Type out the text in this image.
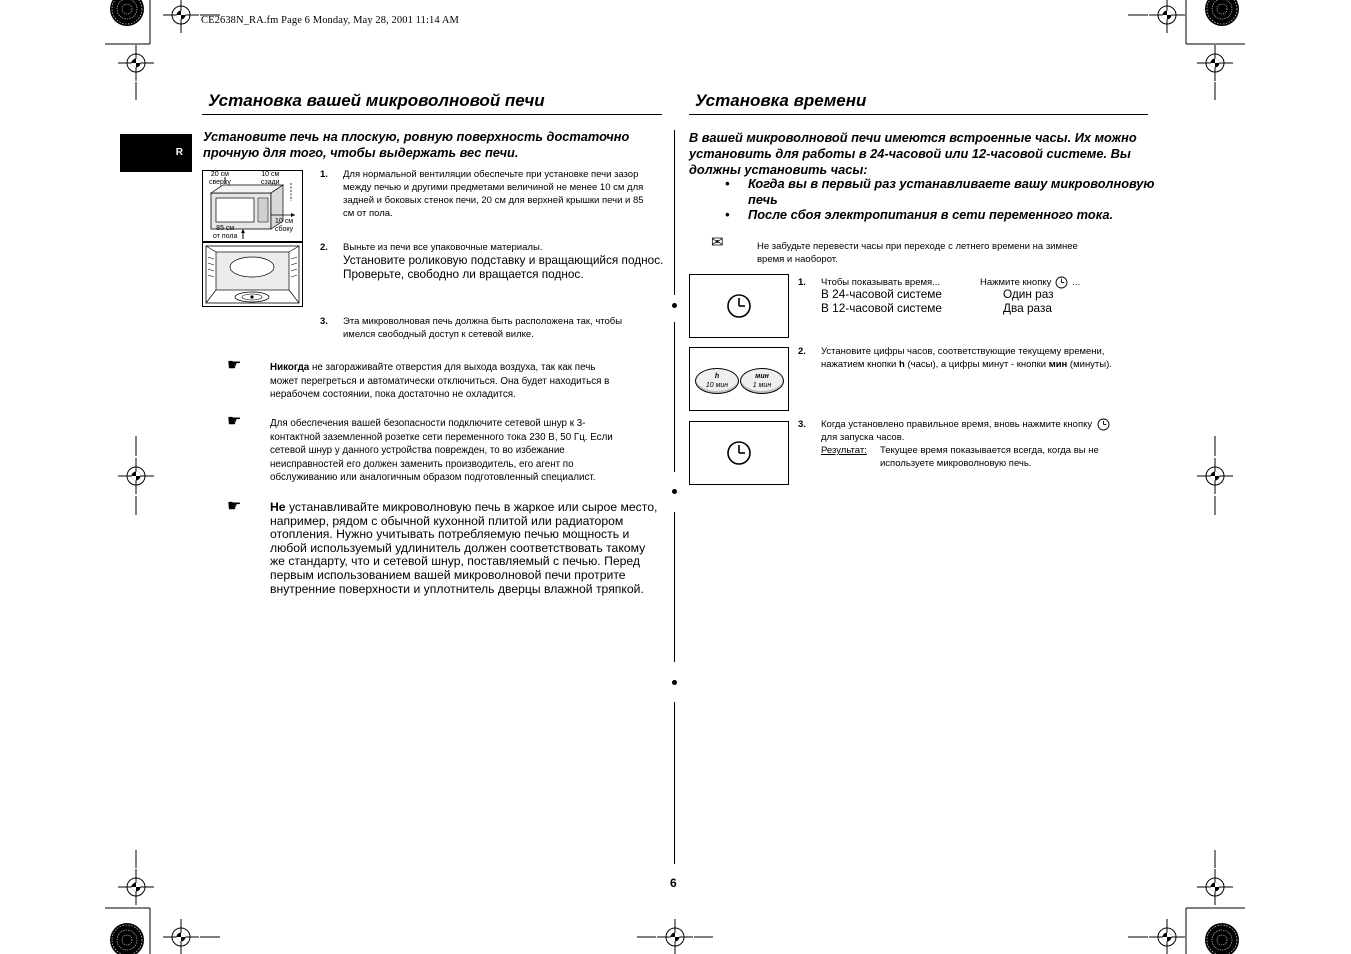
CE2638N_RA.fm Page 6 Monday, May 28, 2001 11:14 AM
R
Установка вашей микроволновой печи
Установите печь на плоскую, ровную поверхность достаточно
прочную для того, чтобы выдержать вес печи.
20 см
сверху
10 см
сзади
85 см
от пола
10 см
сбоку
1. Для нормальной вентиляции обеспечьте при установке печи зазор
между печью и другими предметами величиной не менее 10 см для
задней и боковых стенок печи, 20 см для верхней крышки печи и 85
см от пола.
2. Выньте из печи все упаковочные материалы.
Установите роликовую подставку и вращающийся поднос.
Проверьте, свободно ли вращается поднос.
3. Эта микроволновая печь должна быть расположена так, чтобы
имелся свободный доступ к сетевой вилке.
☛	Никогда не загораживайте отверстия для выхода воздуха, так как печь
может перегреться и автоматически отключиться. Она будет находиться в
нерабочем состоянии, пока достаточно не охладится.
☛	Для обеспечения вашей безопасности подключите сетевой шнур к 3-
контактной заземленной розетке сети переменного тока 230 В, 50 Гц. Если
сетевой шнур у данного устройства поврежден, то во избежание
неисправностей его должен заменить производитель, его агент по
обслуживанию или аналогичным образом подготовленный специалист.
☛ Не устанавливайте микроволновую печь в жаркое или сырое место,
например, рядом с обычной кухонной плитой или радиатором
отопления. Нужно учитывать потребляемую печью мощность и
любой используемый удлинитель должен соответствовать такому
же стандарту, что и сетевой шнур, поставляемый с печью. Перед
первым использованием вашей микроволновой печи протрите
внутренние поверхности и уплотнитель дверцы влажной тряпкой.
Установка времени
В вашей микроволновой печи имеются встроенные часы. Их можно
установить для работы в 24-часовой или 12-часовой системе. Вы
должны установить часы:
• Когда вы в первый раз устанавливаете вашу микроволновую
печь
• После сбоя электропитания в сети переменного тока.
✉	Не забудьте перевести часы при переходе с летнего времени на зимнее
время и наоборот.
1. Чтобы показывать время...	Нажмите кнопку ...
В 24-часовой системе	Один раз
В 12-часовой системе	Два раза
h
10 мин
мин
1 мин
2. Установите цифры часов, соответствующие текущему времени,
нажатием кнопки h (часы), а цифры минут - кнопки мин (минуты).
3. Когда установлено правильное время, вновь нажмите кнопку
для запуска часов.
Результат: Текущее время показывается всегда, когда вы не
используете микроволновую печь.
6
